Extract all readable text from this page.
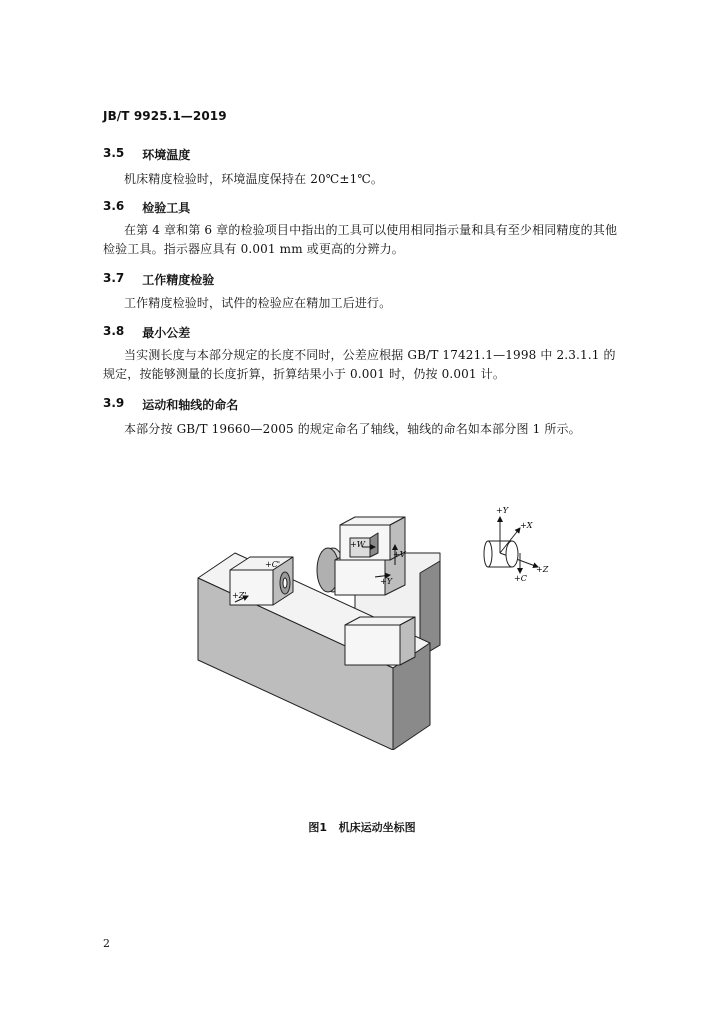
JB/T 9925.1—2019
3.5 环境温度
机床精度检验时，环境温度保持在 20℃±1℃。
3.6 检验工具
在第 4 章和第 6 章的检验项目中指出的工具可以使用相同指示量和具有至少相同精度的其他检验工具。指示器应具有 0.001 mm 或更高的分辨力。
3.7 工作精度检验
工作精度检验时，试件的检验应在精加工后进行。
3.8 最小公差
当实测长度与本部分规定的长度不同时，公差应根据 GB/T 17421.1—1998 中 2.3.1.1 的规定，按能够测量的长度折算，折算结果小于 0.001 时，仍按 0.001 计。
3.9 运动和轴线的命名
本部分按 GB/T 19660—2005 的规定命名了轴线，轴线的命名如本部分图 1 所示。
+C'
+Z'
+W
+V
+Y
+Y
+X
+Z
+C
图1 机床运动坐标图
2
